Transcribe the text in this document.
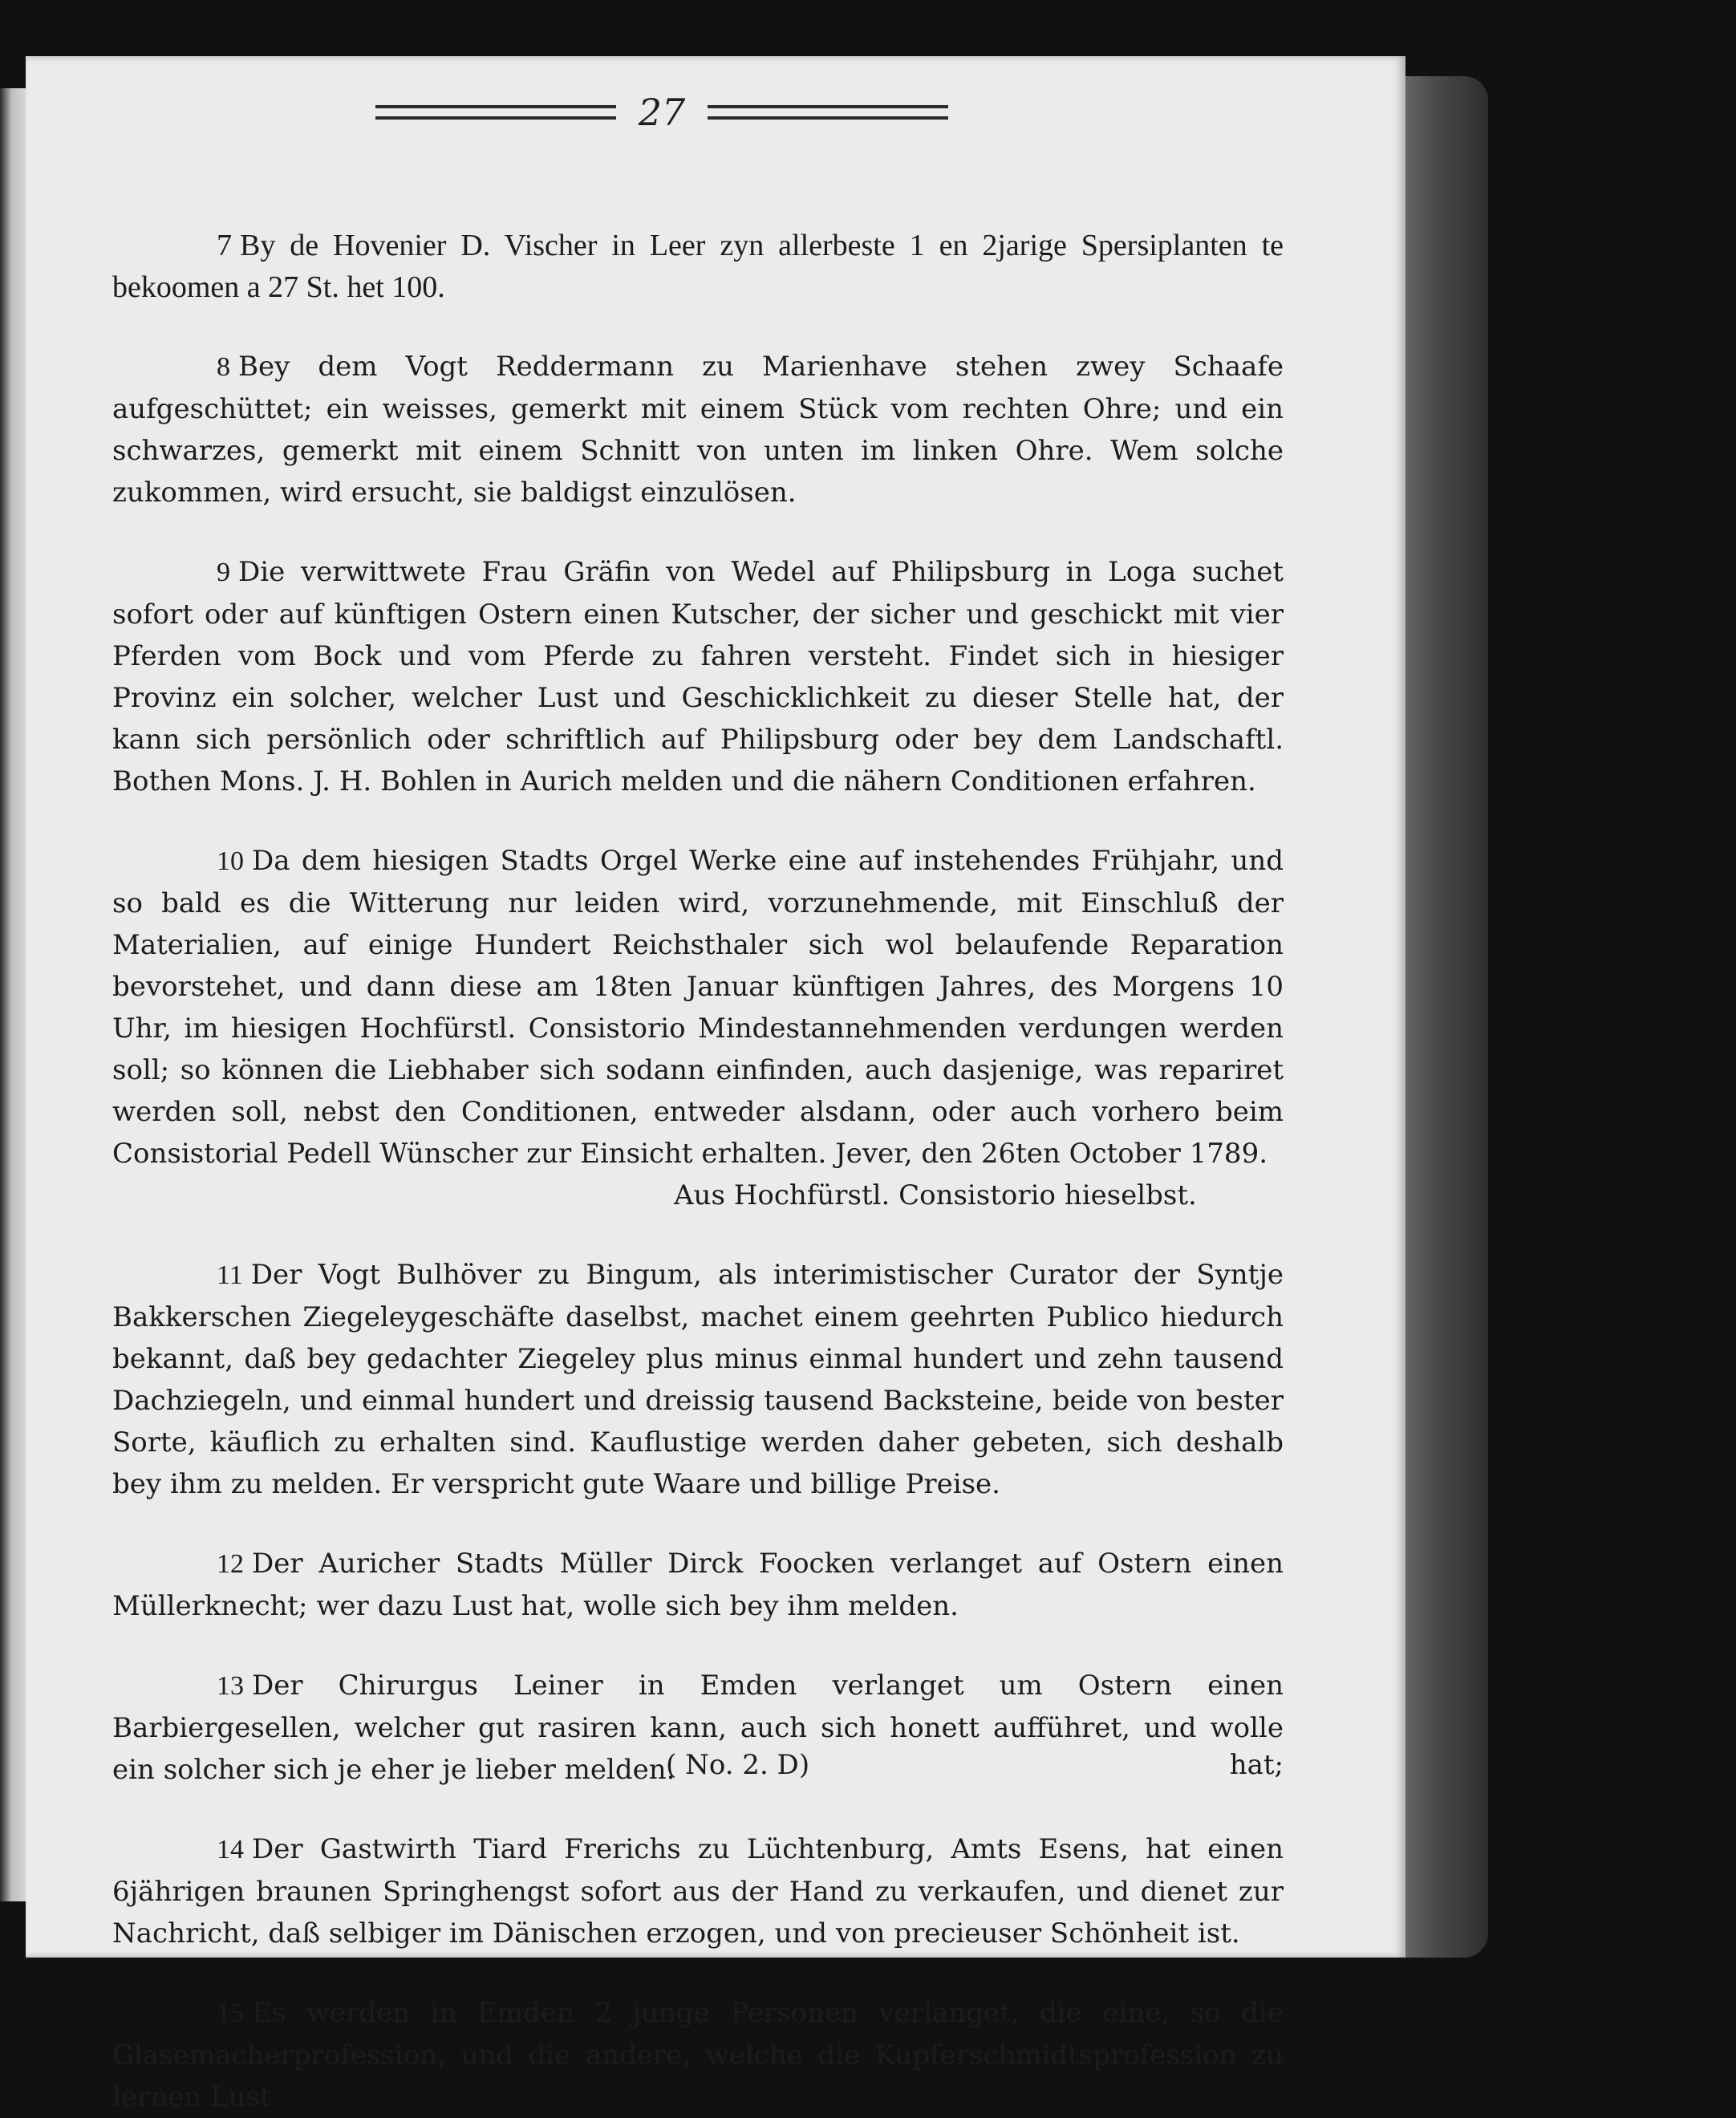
27

7 By de Hovenier D. Vischer in Leer zyn allerbeste 1 en 2jarige Spersiplanten te bekoomen a 27 St. het 100.

8 Bey dem Vogt Reddermann zu Marienhave stehen zwey Schaafe aufgeschüttet; ein weisses, gemerkt mit einem Stück vom rechten Ohre; und ein schwarzes, gemerkt mit einem Schnitt von unten im linken Ohre. Wem solche zukommen, wird ersucht, sie baldigst einzulösen.

9 Die verwittwete Frau Gräfin von Wedel auf Philipsburg in Loga suchet sofort oder auf künftigen Ostern einen Kutscher, der sicher und geschickt mit vier Pferden vom Bock und vom Pferde zu fahren versteht. Findet sich in hiesiger Provinz ein solcher, welcher Lust und Geschicklichkeit zu dieser Stelle hat, der kann sich persönlich oder schriftlich auf Philipsburg oder bey dem Landschaftl. Bothen Mons. J. H. Bohlen in Aurich melden und die nähern Conditionen erfahren.

10 Da dem hiesigen Stadts Orgel Werke eine auf instehendes Frühjahr, und so bald es die Witterung nur leiden wird, vorzunehmende, mit Einschluß der Materialien, auf einige Hundert Reichsthaler sich wol belaufende Reparation bevorstehet, und dann diese am 18ten Januar künftigen Jahres, des Morgens 10 Uhr, im hiesigen Hochfürstl. Consistorio Mindestannehmenden verdungen werden soll; so können die Liebhaber sich sodann einfinden, auch dasjenige, was repariret werden soll, nebst den Conditionen, entweder alsdann, oder auch vorhero beim Consistorial Pedell Wünscher zur Einsicht erhalten. Jever, den 26ten October 1789.
Aus Hochfürstl. Consistorio hieselbst.

11 Der Vogt Bulhöver zu Bingum, als interimistischer Curator der Syntje Bakkerschen Ziegeleygeschäfte daselbst, machet einem geehrten Publico hiedurch bekannt, daß bey gedachter Ziegeley plus minus einmal hundert und zehn tausend Dachziegeln, und einmal hundert und dreissig tausend Backsteine, beide von bester Sorte, käuflich zu erhalten sind. Kauflustige werden daher gebeten, sich deshalb bey ihm zu melden. Er verspricht gute Waare und billige Preise.

12 Der Auricher Stadts Müller Dirck Foocken verlanget auf Ostern einen Müllerknecht; wer dazu Lust hat, wolle sich bey ihm melden.

13 Der Chirurgus Leiner in Emden verlanget um Ostern einen Barbiergesellen, welcher gut rasiren kann, auch sich honett aufführet, und wolle ein solcher sich je eher je lieber melden.

14 Der Gastwirth Tiard Frerichs zu Lüchtenburg, Amts Esens, hat einen 6jährigen braunen Springhengst sofort aus der Hand zu verkaufen, und dienet zur Nachricht, daß selbiger im Dänischen erzogen, und von precieuser Schönheit ist.

15 Es werden in Emden 2 junge Personen verlanget, die eine, so die Glasemacherprofession, und die andere, welche die Kupferschmidtsprofession zu lernen Lust

( No. 2. D)	hat;
